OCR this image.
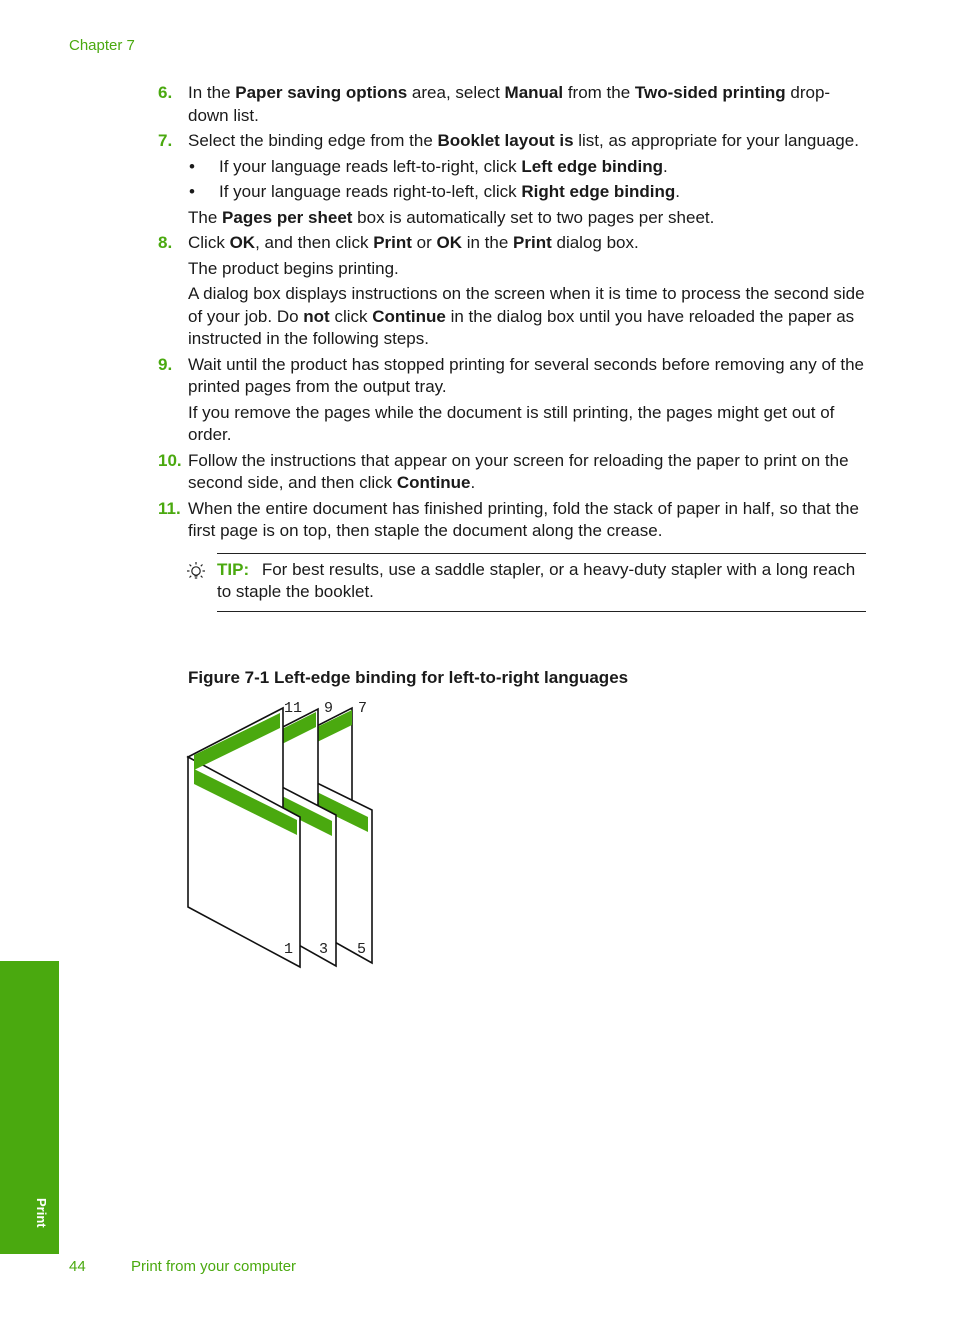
Chapter 7
6. In the Paper saving options area, select Manual from the Two-sided printing drop-down list.
7. Select the binding edge from the Booklet layout is list, as appropriate for your language.
• If your language reads left-to-right, click Left edge binding.
• If your language reads right-to-left, click Right edge binding.
The Pages per sheet box is automatically set to two pages per sheet.
8. Click OK, and then click Print or OK in the Print dialog box.
The product begins printing.
A dialog box displays instructions on the screen when it is time to process the second side of your job. Do not click Continue in the dialog box until you have reloaded the paper as instructed in the following steps.
9. Wait until the product has stopped printing for several seconds before removing any of the printed pages from the output tray.
If you remove the pages while the document is still printing, the pages might get out of order.
10. Follow the instructions that appear on your screen for reloading the paper to print on the second side, and then click Continue.
11. When the entire document has finished printing, fold the stack of paper in half, so that the first page is on top, then staple the document along the crease.
TIP: For best results, use a saddle stapler, or a heavy-duty stapler with a long reach to staple the booklet.
Figure 7-1 Left-edge binding for left-to-right languages
11 9 7
1 3 5
Print
44	Print from your computer
